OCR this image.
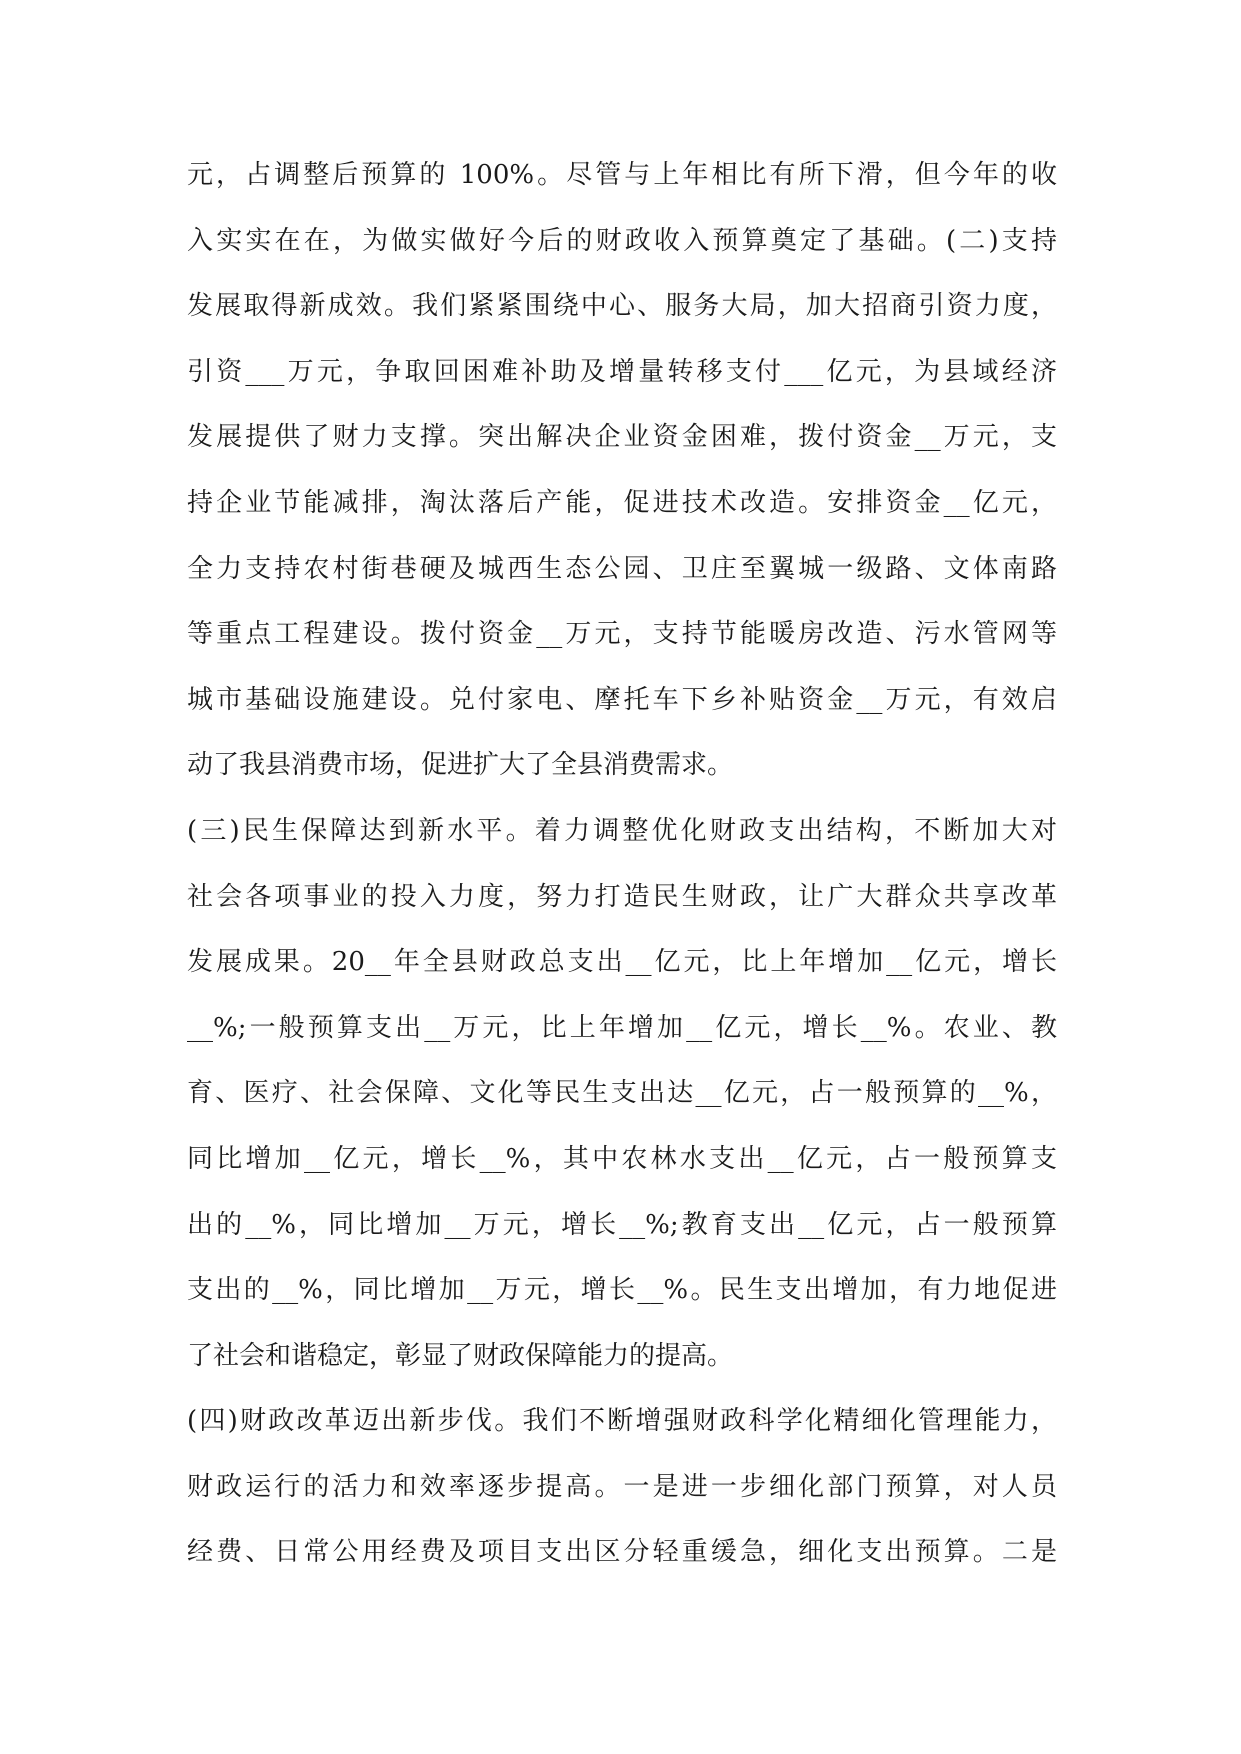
元，占调整后预算的 100%。尽管与上年相比有所下滑，但今年的收
入实实在在，为做实做好今后的财政收入预算奠定了基础。(二)支持
发展取得新成效。我们紧紧围绕中心、服务大局，加大招商引资力度，
引资___万元，争取回困难补助及增量转移支付___亿元，为县域经济
发展提供了财力支撑。突出解决企业资金困难，拨付资金__万元，支
持企业节能减排，淘汰落后产能，促进技术改造。安排资金__亿元，
全力支持农村街巷硬及城西生态公园、卫庄至翼城一级路、文体南路
等重点工程建设。拨付资金__万元，支持节能暖房改造、污水管网等
城市基础设施建设。兑付家电、摩托车下乡补贴资金__万元，有效启
动了我县消费市场，促进扩大了全县消费需求。
(三)民生保障达到新水平。着力调整优化财政支出结构，不断加大对
社会各项事业的投入力度，努力打造民生财政，让广大群众共享改革
发展成果。20__年全县财政总支出__亿元，比上年增加__亿元，增长
__%;一般预算支出__万元，比上年增加__亿元，增长__%。农业、教
育、医疗、社会保障、文化等民生支出达__亿元，占一般预算的__%，
同比增加__亿元，增长__%，其中农林水支出__亿元，占一般预算支
出的__%，同比增加__万元，增长__%;教育支出__亿元，占一般预算
支出的__%，同比增加__万元，增长__%。民生支出增加，有力地促进
了社会和谐稳定，彰显了财政保障能力的提高。
(四)财政改革迈出新步伐。我们不断增强财政科学化精细化管理能力，
财政运行的活力和效率逐步提高。一是进一步细化部门预算，对人员
经费、日常公用经费及项目支出区分轻重缓急，细化支出预算。二是
